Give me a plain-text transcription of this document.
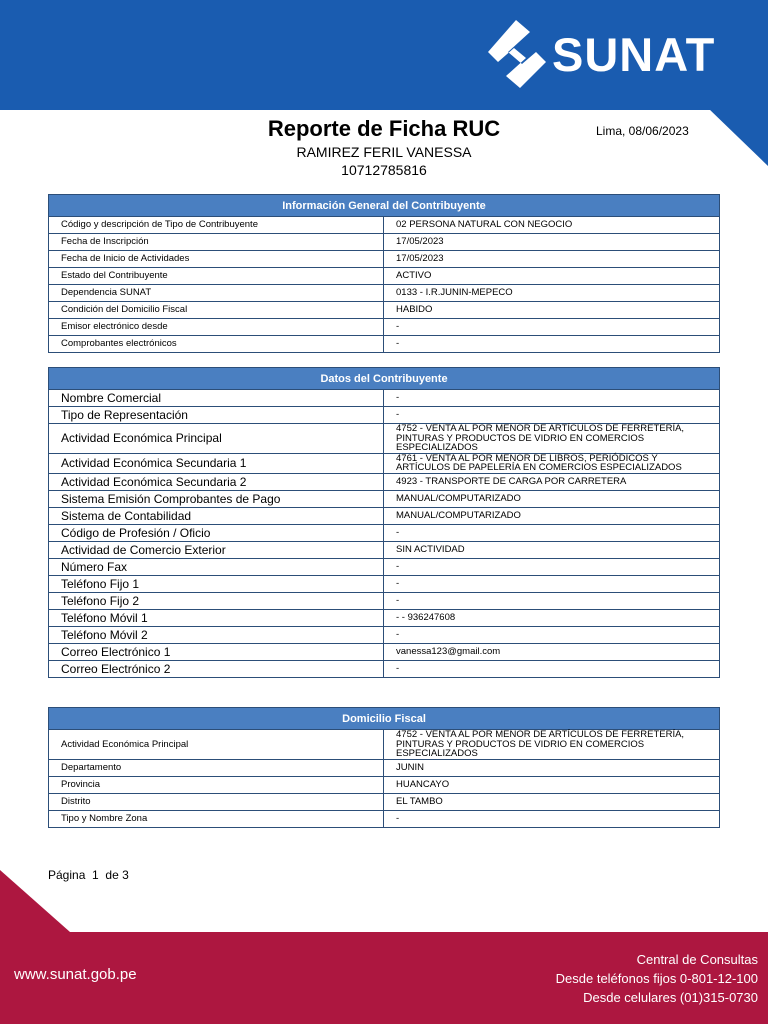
SUNAT
Reporte de Ficha RUC	Lima, 08/06/2023
RAMIREZ FERIL VANESSA
10712785816
Información General del Contribuyente	
Código y descripción de Tipo de Contribuyente	02 PERSONA NATURAL CON NEGOCIO
Fecha de Inscripción	17/05/2023
Fecha de Inicio de Actividades	17/05/2023
Estado del Contribuyente	ACTIVO
Dependencia SUNAT	0133 - I.R.JUNIN-MEPECO
Condición del Domicilio Fiscal	HABIDO
Emisor electrónico desde	-
Comprobantes electrónicos	-
Datos del Contribuyente	
Nombre Comercial	-
Tipo de Representación	-
Actividad Económica Principal	4752 - VENTA AL POR MENOR DE ARTÍCULOS DE FERRETERÍA, PINTURAS Y PRODUCTOS DE VIDRIO EN COMERCIOS ESPECIALIZADOS
Actividad Económica Secundaria 1	4761 - VENTA AL POR MENOR DE LIBROS, PERIÓDICOS Y ARTÍCULOS DE PAPELERÍA EN COMERCIOS ESPECIALIZADOS
Actividad Económica Secundaria 2	4923 - TRANSPORTE DE CARGA POR CARRETERA
Sistema Emisión Comprobantes de Pago	MANUAL/COMPUTARIZADO
Sistema de Contabilidad	MANUAL/COMPUTARIZADO
Código de Profesión / Oficio	-
Actividad de Comercio Exterior	SIN ACTIVIDAD
Número Fax	-
Teléfono Fijo 1	-
Teléfono Fijo 2	-
Teléfono Móvil 1	- - 936247608
Teléfono Móvil 2	-
Correo Electrónico 1	vanessa123@gmail.com
Correo Electrónico 2	-
Domicilio Fiscal	
Actividad Económica Principal	4752 - VENTA AL POR MENOR DE ARTÍCULOS DE FERRETERÍA, PINTURAS Y PRODUCTOS DE VIDRIO EN COMERCIOS ESPECIALIZADOS
Departamento	JUNIN
Provincia	HUANCAYO
Distrito	EL TAMBO
Tipo y Nombre Zona	-
Página 1 de 3
www.sunat.gob.pe
Central de Consultas
Desde teléfonos fijos 0-801-12-100
Desde celulares (01)315-0730
